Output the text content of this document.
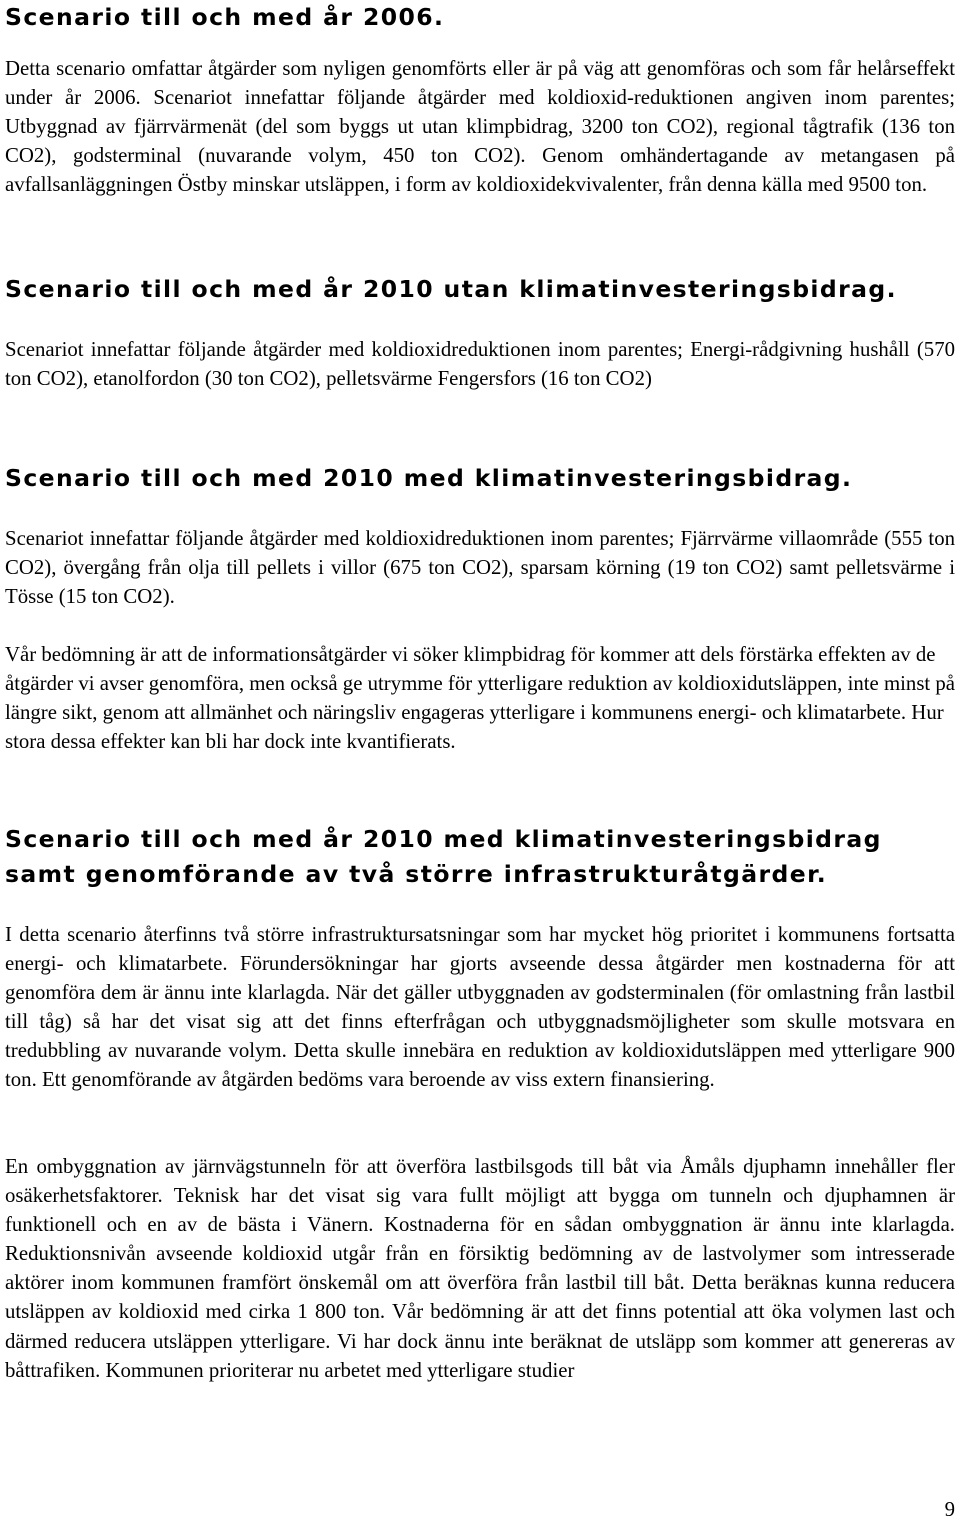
Scenario till och med år 2006.

Detta scenario omfattar åtgärder som nyligen genomförts eller är på väg att genomföras och som får helårseffekt under år 2006. Scenariot innefattar följande åtgärder med koldioxid-reduktionen angiven inom parentes; Utbyggnad av fjärrvärmenät (del som byggs ut utan klimpbidrag, 3200 ton CO2), regional tågtrafik (136 ton CO2), godsterminal (nuvarande volym, 450 ton CO2). Genom omhändertagande av metangasen på avfallsanläggningen Östby minskar utsläppen, i form av koldioxidekvivalenter, från denna källa med 9500 ton.

Scenario till och med år 2010 utan klimatinvesteringsbidrag.

Scenariot innefattar följande åtgärder med koldioxidreduktionen inom parentes; Energi-rådgivning hushåll (570 ton CO2), etanolfordon (30 ton CO2), pelletsvärme Fengersfors (16 ton CO2)

Scenario till och med 2010 med klimatinvesteringsbidrag.

Scenariot innefattar följande åtgärder med koldioxidreduktionen inom parentes; Fjärrvärme villaområde (555 ton CO2), övergång från olja till pellets i villor (675 ton CO2), sparsam körning (19 ton CO2) samt pelletsvärme i Tösse (15 ton CO2).

Vår bedömning är att de informationsåtgärder vi söker klimpbidrag för kommer att dels förstärka effekten av de åtgärder vi avser genomföra, men också ge utrymme för ytterligare reduktion av koldioxidutsläppen, inte minst på längre sikt, genom att allmänhet och näringsliv engageras ytterligare i kommunens energi- och klimatarbete. Hur stora dessa effekter kan bli har dock inte kvantifierats.

Scenario till och med år 2010 med klimatinvesteringsbidrag samt genomförande av två större infrastrukturåtgärder.

I detta scenario återfinns två större infrastruktursatsningar som har mycket hög prioritet i kommunens fortsatta energi- och klimatarbete. Förundersökningar har gjorts avseende dessa åtgärder men kostnaderna för att genomföra dem är ännu inte klarlagda. När det gäller utbyggnaden av godsterminalen (för omlastning från lastbil till tåg) så har det visat sig att det finns efterfrågan och utbyggnadsmöjligheter som skulle motsvara en tredubbling av nuvarande volym. Detta skulle innebära en reduktion av koldioxidutsläppen med ytterligare 900 ton. Ett genomförande av åtgärden bedöms vara beroende av viss extern finansiering.

En ombyggnation av järnvägstunneln för att överföra lastbilsgods till båt via Åmåls djuphamn innehåller fler osäkerhetsfaktorer. Teknisk har det visat sig vara fullt möjligt att bygga om tunneln och djuphamnen är funktionell och en av de bästa i Vänern. Kostnaderna för en sådan ombyggnation är ännu inte klarlagda. Reduktionsnivån avseende koldioxid utgår från en försiktig bedömning av de lastvolymer som intresserade aktörer inom kommunen framfört önskemål om att överföra från lastbil till båt. Detta beräknas kunna reducera utsläppen av koldioxid med cirka 1 800 ton. Vår bedömning är att det finns potential att öka volymen last och därmed reducera utsläppen ytterligare. Vi har dock ännu inte beräknat de utsläpp som kommer att genereras av båttrafiken. Kommunen prioriterar nu arbetet med ytterligare studier

9
